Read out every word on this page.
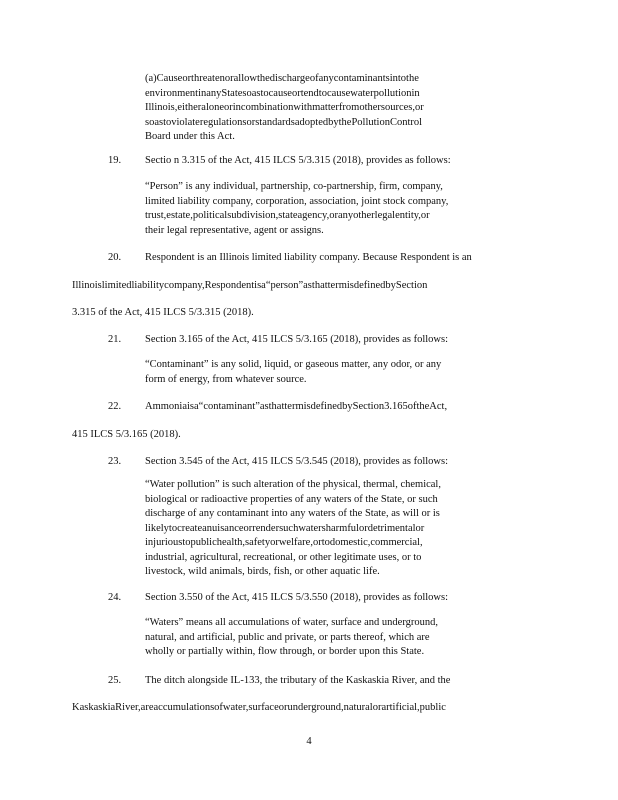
(a)Causeorthreatenorallowthedischargeofanycontaminantsintothe
environmentinanyStatesoastocauseortendtocausewaterpollutionin
Illinois,eitheraloneorincombinationwithmatterfromothersources,or
soastoviolateregulationsorstandardsadoptedbythePollutionControl
Board under this Act.
19. Sectio n 3.315 of the Act, 415 ILCS 5/3.315 (2018), provides as follows:
“Person” is any individual, partnership, co-partnership, firm, company,
limited liability company, corporation, association, joint stock company,
trust,estate,politicalsubdivision,stateagency,oranyotherlegalentity,or
their legal representative, agent or assigns.
20. Respondent is an Illinois limited liability company. Because Respondent is an
Illinoislimitedliabilitycompany,Respondentisa“person”asthattermisdefinedbySection
3.315 of the Act, 415 ILCS 5/3.315 (2018).
21. Section 3.165 of the Act, 415 ILCS 5/3.165 (2018), provides as follows:
“Contaminant” is any solid, liquid, or gaseous matter, any odor, or any
form of energy, from whatever source.
22. Ammoniaisa“contaminant”asthattermisdefinedbySection3.165oftheAct,
415 ILCS 5/3.165 (2018).
23. Section 3.545 of the Act, 415 ILCS 5/3.545 (2018), provides as follows:
“Water pollution” is such alteration of the physical, thermal, chemical,
biological or radioactive properties of any waters of the State, or such
discharge of any contaminant into any waters of the State, as will or is
likelytocreateanuisanceorrendersuchwatersharmfulordetrimentalor
injurioustopublichealth,safetyorwelfare,ortodomestic,commercial,
industrial, agricultural, recreational, or other legitimate uses, or to
livestock, wild animals, birds, fish, or other aquatic life.
24. Section 3.550 of the Act, 415 ILCS 5/3.550 (2018), provides as follows:
“Waters” means all accumulations of water, surface and underground,
natural, and artificial, public and private, or parts thereof, which are
wholly or partially within, flow through, or border upon this State.
25. The ditch alongside IL-133, the tributary of the Kaskaskia River, and the
KaskaskiaRiver,areaccumulationsofwater,surfaceorunderground,naturalorartificial,public
4
